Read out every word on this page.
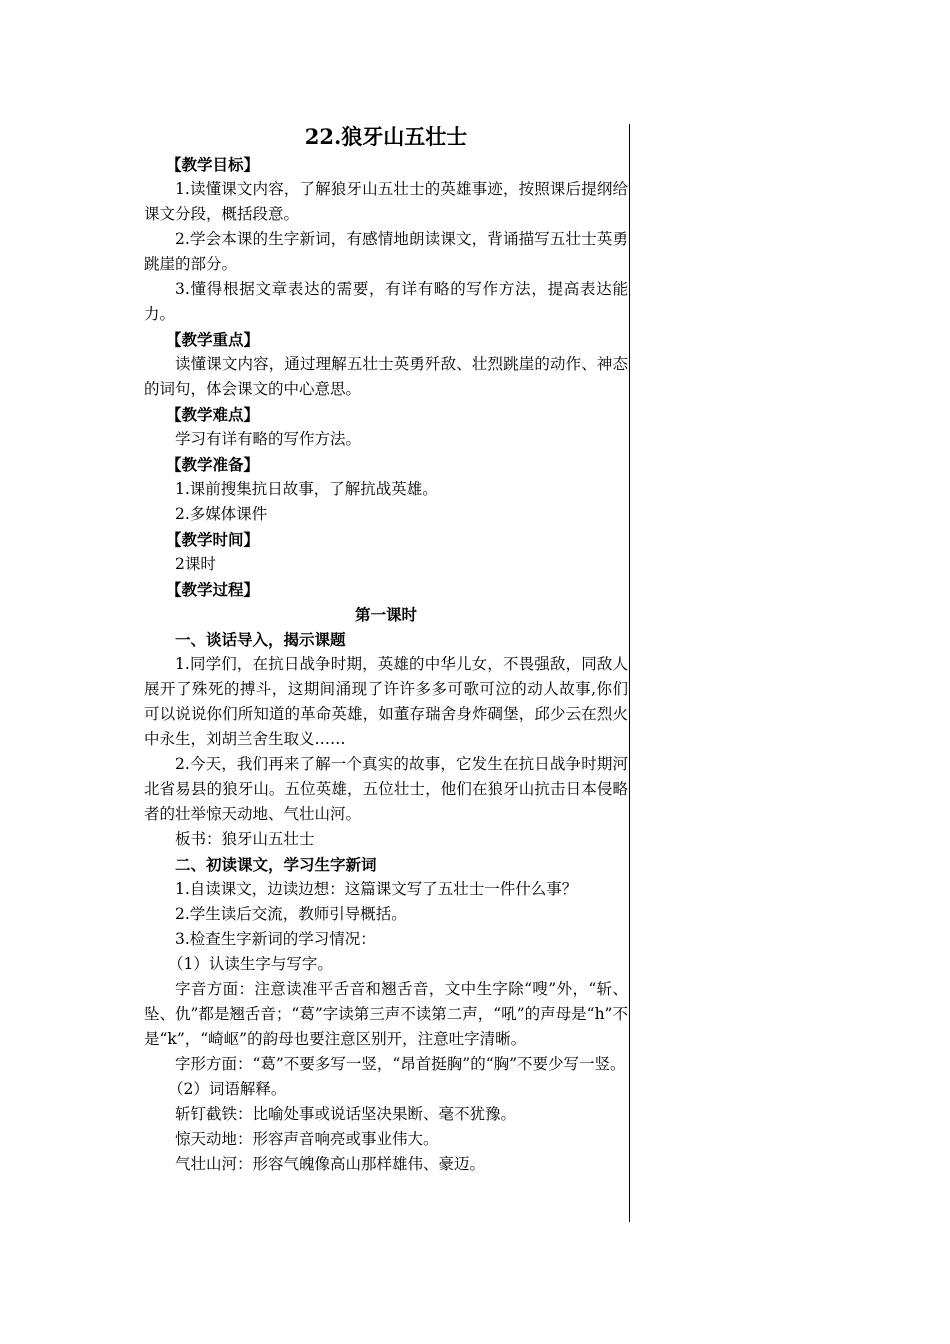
22.狼牙山五壮士

【教学目标】

1.读懂课文内容，了解狼牙山五壮士的英雄事迹，按照课后提纲给课文分段，概括段意。

2.学会本课的生字新词，有感情地朗读课文，背诵描写五壮士英勇跳崖的部分。

3.懂得根据文章表达的需要，有详有略的写作方法，提高表达能力。

【教学重点】

读懂课文内容，通过理解五壮士英勇歼敌、壮烈跳崖的动作、神态的词句，体会课文的中心意思。

【教学难点】

学习有详有略的写作方法。

【教学准备】

1.课前搜集抗日故事，了解抗战英雄。

2.多媒体课件

【教学时间】

2课时

【教学过程】

第一课时

一、谈话导入，揭示课题

1.同学们，在抗日战争时期，英雄的中华儿女，不畏强敌，同敌人展开了殊死的搏斗，这期间涌现了许许多多可歌可泣的动人故事,你们可以说说你们所知道的革命英雄，如董存瑞舍身炸碉堡，邱少云在烈火中永生，刘胡兰舍生取义……

2.今天，我们再来了解一个真实的故事，它发生在抗日战争时期河北省易县的狼牙山。五位英雄，五位壮士，他们在狼牙山抗击日本侵略者的壮举惊天动地、气壮山河。

板书：狼牙山五壮士

二、初读课文，学习生字新词

1.自读课文，边读边想：这篇课文写了五壮士一件什么事？

2.学生读后交流，教师引导概括。

3.检查生字新词的学习情况：

（1）认读生字与写字。

字音方面：注意读准平舌音和翘舌音，文中生字除“嗖”外，“斩、坠、仇”都是翘舌音；“葛”字读第三声不读第二声，“吼”的声母是“h”不是“k”，“崎岖”的韵母也要注意区别开，注意吐字清晰。

字形方面：“葛”不要多写一竖，“昂首挺胸”的“胸”不要少写一竖。

（2）词语解释。

斩钉截铁：比喻处事或说话坚决果断、毫不犹豫。

惊天动地：形容声音响亮或事业伟大。

气壮山河：形容气魄像高山那样雄伟、豪迈。
